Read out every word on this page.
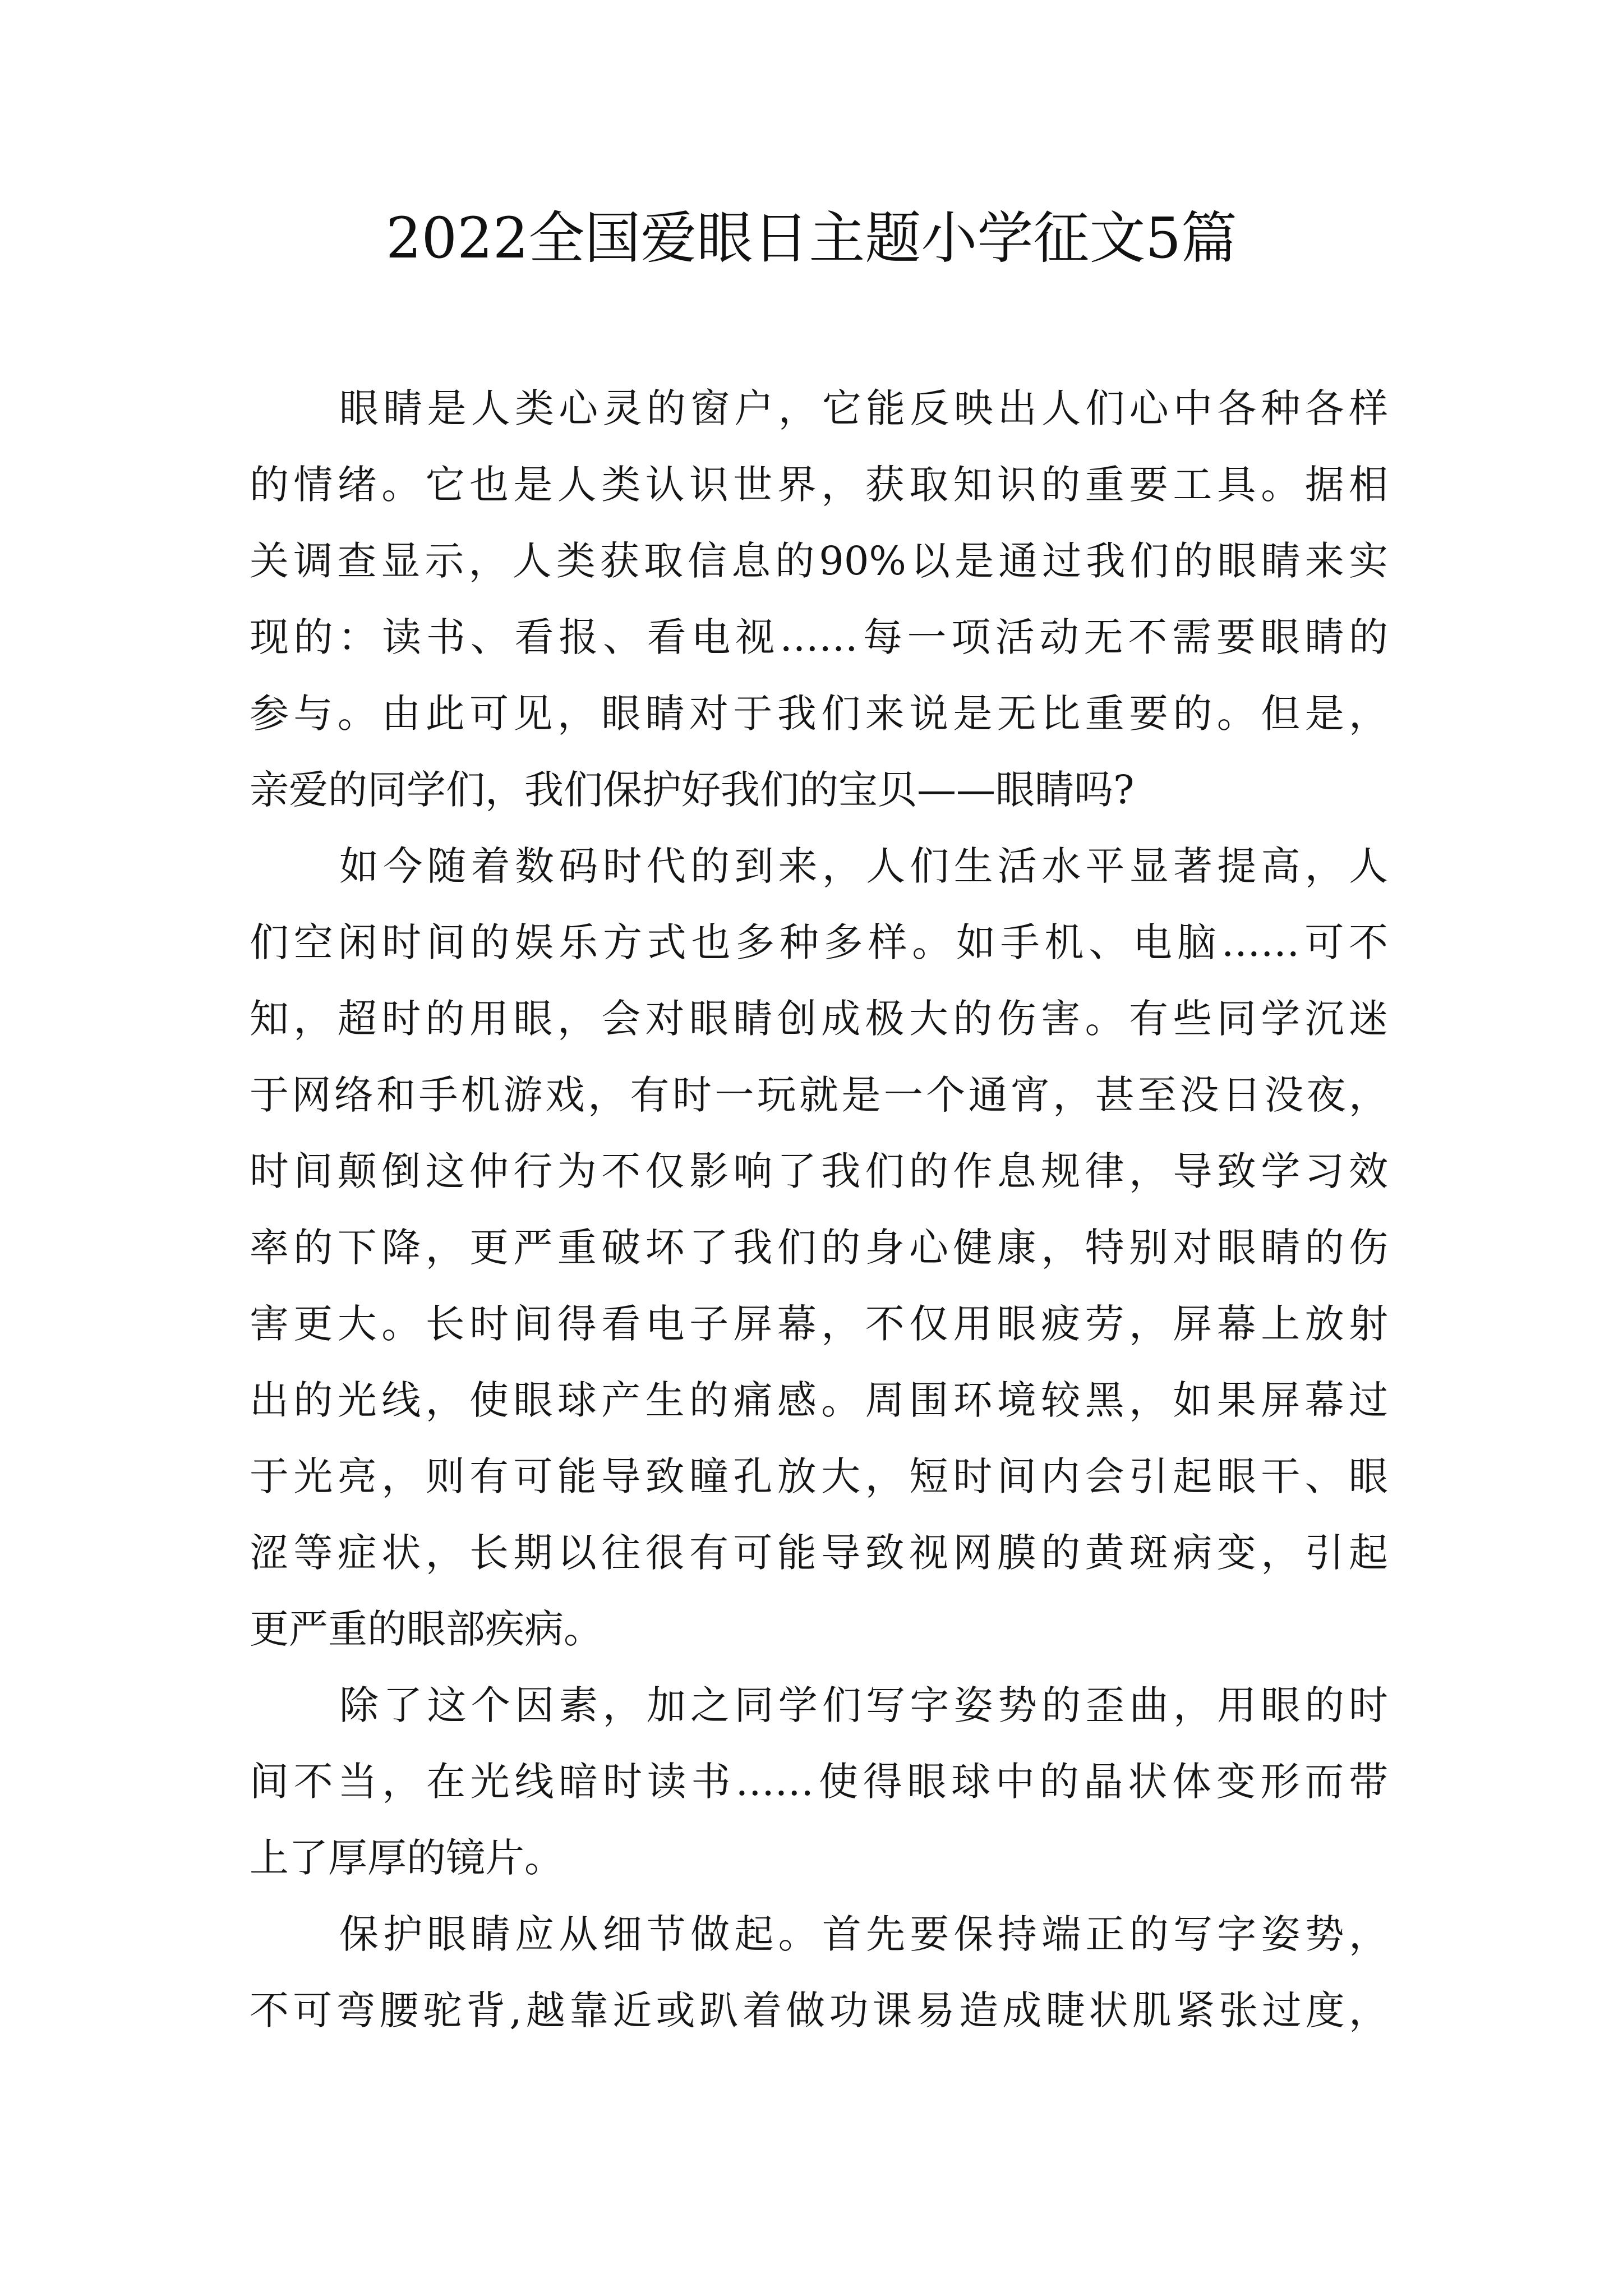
2022全国爱眼日主题小学征文5篇
眼睛是人类心灵的窗户，它能反映出人们心中各种各样
的情绪。它也是人类认识世界，获取知识的重要工具。据相
关调查显示，人类获取信息的90%以是通过我们的眼睛来实
现的：读书、看报、看电视……每一项活动无不需要眼睛的
参与。由此可见，眼睛对于我们来说是无比重要的。但是，
亲爱的同学们，我们保护好我们的宝贝——眼睛吗?
如今随着数码时代的到来，人们生活水平显著提高，人
们空闲时间的娱乐方式也多种多样。如手机、电脑……可不
知，超时的用眼，会对眼睛创成极大的伤害。有些同学沉迷
于网络和手机游戏，有时一玩就是一个通宵，甚至没日没夜，
时间颠倒这仲行为不仅影响了我们的作息规律，导致学习效
率的下降，更严重破坏了我们的身心健康，特别对眼睛的伤
害更大。长时间得看电子屏幕，不仅用眼疲劳，屏幕上放射
出的光线，使眼球产生的痛感。周围环境较黑，如果屏幕过
于光亮，则有可能导致瞳孔放大，短时间内会引起眼干、眼
涩等症状，长期以往很有可能导致视网膜的黄斑病变，引起
更严重的眼部疾病。
除了这个因素，加之同学们写字姿势的歪曲，用眼的时
间不当，在光线暗时读书……使得眼球中的晶状体变形而带
上了厚厚的镜片。
保护眼睛应从细节做起。首先要保持端正的写字姿势，
不可弯腰驼背,越靠近或趴着做功课易造成睫状肌紧张过度，
